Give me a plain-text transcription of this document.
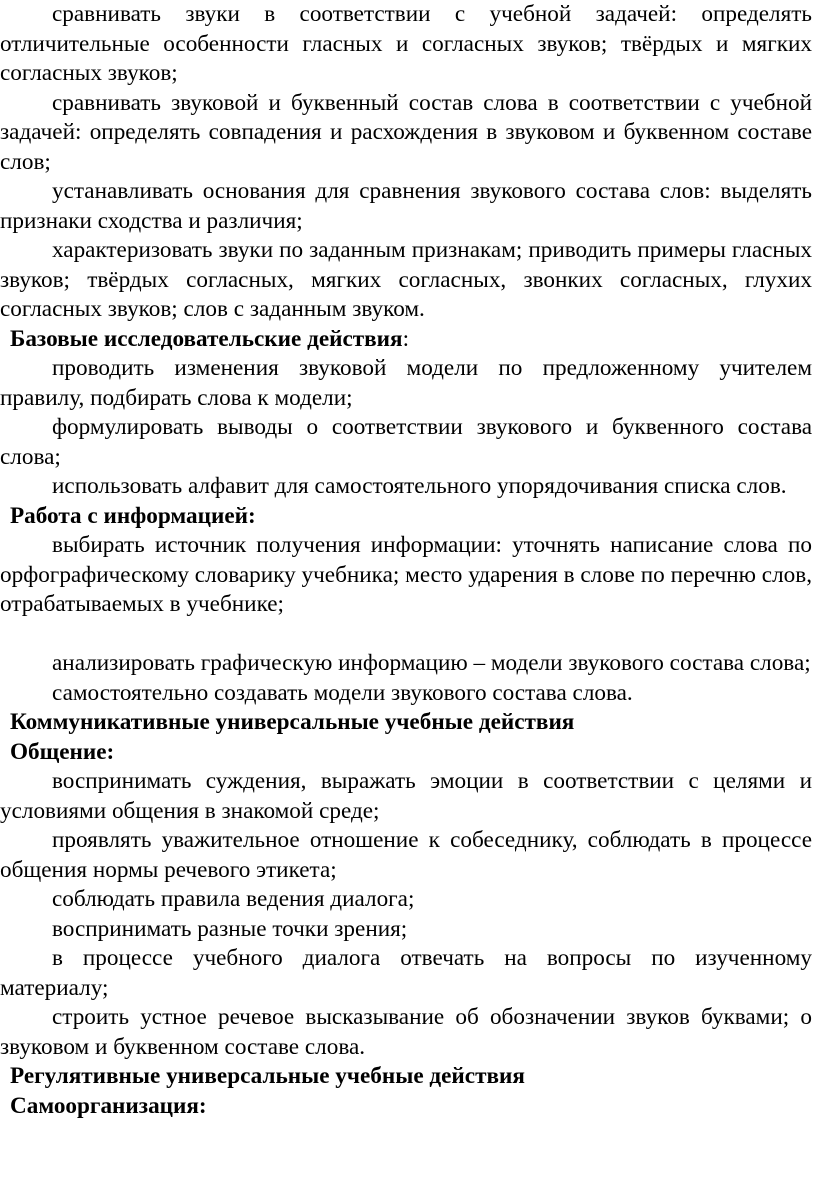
сравнивать звуки в соответствии с учебной задачей: определять отличительные особенности гласных и согласных звуков; твёрдых и мягких согласных звуков;

сравнивать звуковой и буквенный состав слова в соответствии с учебной задачей: определять совпадения и расхождения в звуковом и буквенном составе слов;

устанавливать основания для сравнения звукового состава слов: выделять признаки сходства и различия;

характеризовать звуки по заданным признакам; приводить примеры гласных звуков; твёрдых согласных, мягких согласных, звонких согласных, глухих согласных звуков; слов с заданным звуком.

Базовые исследовательские действия:

проводить изменения звуковой модели по предложенному учителем правилу, подбирать слова к модели;

формулировать выводы о соответствии звукового и буквенного состава слова;

использовать алфавит для самостоятельного упорядочивания списка слов.

Работа с информацией:

выбирать источник получения информации: уточнять написание слова по орфографическому словарику учебника; место ударения в слове по перечню слов, отрабатываемых в учебнике;

анализировать графическую информацию – модели звукового состава слова;

самостоятельно создавать модели звукового состава слова.

Коммуникативные универсальные учебные действия

Общение:

воспринимать суждения, выражать эмоции в соответствии с целями и условиями общения в знакомой среде;

проявлять уважительное отношение к собеседнику, соблюдать в процессе общения нормы речевого этикета;

соблюдать правила ведения диалога;

воспринимать разные точки зрения;

в процессе учебного диалога отвечать на вопросы по изученному материалу;

строить устное речевое высказывание об обозначении звуков буквами; о звуковом и буквенном составе слова.

Регулятивные универсальные учебные действия

Самоорганизация:
